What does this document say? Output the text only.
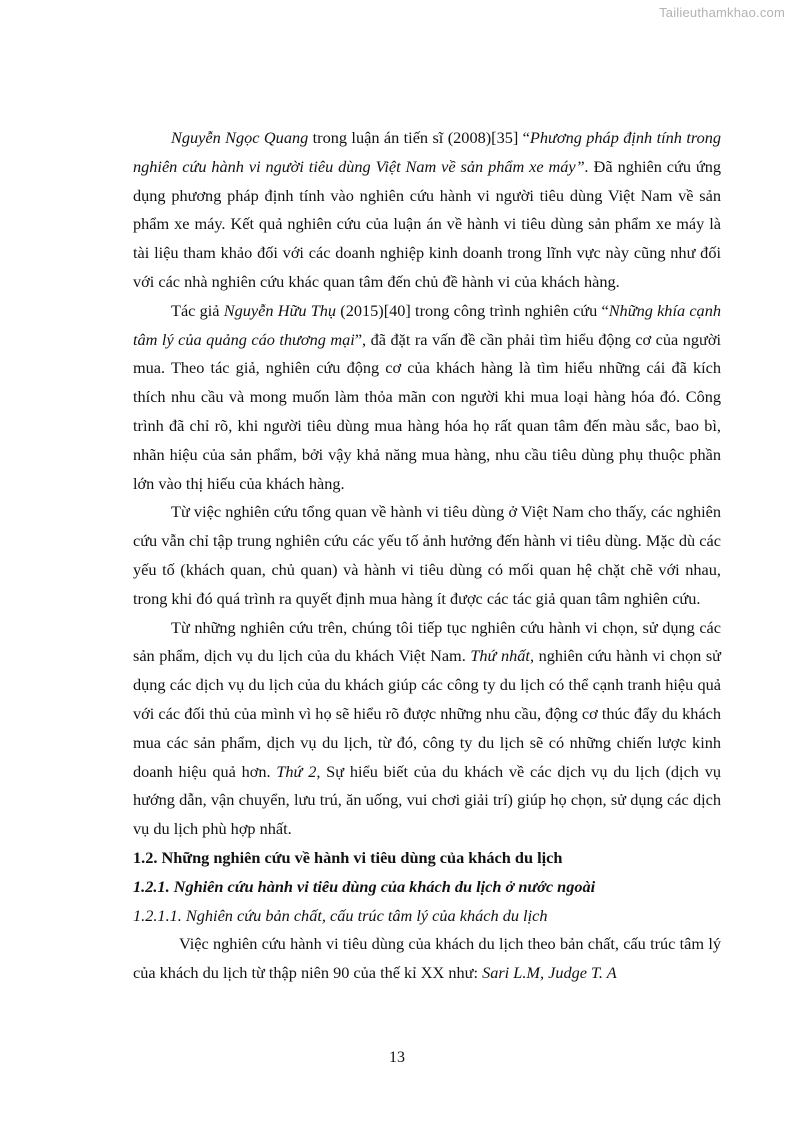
Tailieuthamkhao.com

Nguyễn Ngọc Quang trong luận án tiến sĩ (2008)[35] “Phương pháp định tính trong nghiên cứu hành vi người tiêu dùng Việt Nam về sản phẩm xe máy”. Đã nghiên cứu ứng dụng phương pháp định tính vào nghiên cứu hành vi người tiêu dùng Việt Nam về sản phẩm xe máy. Kết quả nghiên cứu của luận án về hành vi tiêu dùng sản phẩm xe máy là tài liệu tham khảo đối với các doanh nghiệp kinh doanh trong lĩnh vực này cũng như đối với các nhà nghiên cứu khác quan tâm đến chủ đề hành vi của khách hàng.

Tác giả Nguyễn Hữu Thụ (2015)[40] trong công trình nghiên cứu “Những khía cạnh tâm lý của quảng cáo thương mại”, đã đặt ra vấn đề cần phải tìm hiểu động cơ của người mua. Theo tác giả, nghiên cứu động cơ của khách hàng là tìm hiểu những cái đã kích thích nhu cầu và mong muốn làm thỏa mãn con người khi mua loại hàng hóa đó. Công trình đã chỉ rõ, khi người tiêu dùng mua hàng hóa họ rất quan tâm đến màu sắc, bao bì, nhãn hiệu của sản phẩm, bởi vậy khả năng mua hàng, nhu cầu tiêu dùng phụ thuộc phần lớn vào thị hiếu của khách hàng.

Từ việc nghiên cứu tổng quan về hành vi tiêu dùng ở Việt Nam cho thấy, các nghiên cứu vẫn chỉ tập trung nghiên cứu các yếu tố ảnh hưởng đến hành vi tiêu dùng. Mặc dù các yếu tố (khách quan, chủ quan) và hành vi tiêu dùng có mối quan hệ chặt chẽ với nhau, trong khi đó quá trình ra quyết định mua hàng ít được các tác giả quan tâm nghiên cứu.

Từ những nghiên cứu trên, chúng tôi tiếp tục nghiên cứu hành vi chọn, sử dụng các sản phẩm, dịch vụ du lịch của du khách Việt Nam. Thứ nhất, nghiên cứu hành vi chọn sử dụng các dịch vụ du lịch của du khách giúp các công ty du lịch có thể cạnh tranh hiệu quả với các đối thủ của mình vì họ sẽ hiểu rõ được những nhu cầu, động cơ thúc đẩy du khách mua các sản phẩm, dịch vụ du lịch, từ đó, công ty du lịch sẽ có những chiến lược kinh doanh hiệu quả hơn. Thứ 2, Sự hiểu biết của du khách về các dịch vụ du lịch (dịch vụ hướng dẫn, vận chuyển, lưu trú, ăn uống, vui chơi giải trí) giúp họ chọn, sử dụng các dịch vụ du lịch phù hợp nhất.

1.2. Những nghiên cứu về hành vi tiêu dùng của khách du lịch

1.2.1. Nghiên cứu hành vi tiêu dùng của khách du lịch ở nước ngoài

1.2.1.1. Nghiên cứu bản chất, cấu trúc tâm lý của khách du lịch

Việc nghiên cứu hành vi tiêu dùng của khách du lịch theo bản chất, cấu trúc tâm lý của khách du lịch từ thập niên 90 của thế kỉ XX như: Sari L.M, Judge T. A

13
